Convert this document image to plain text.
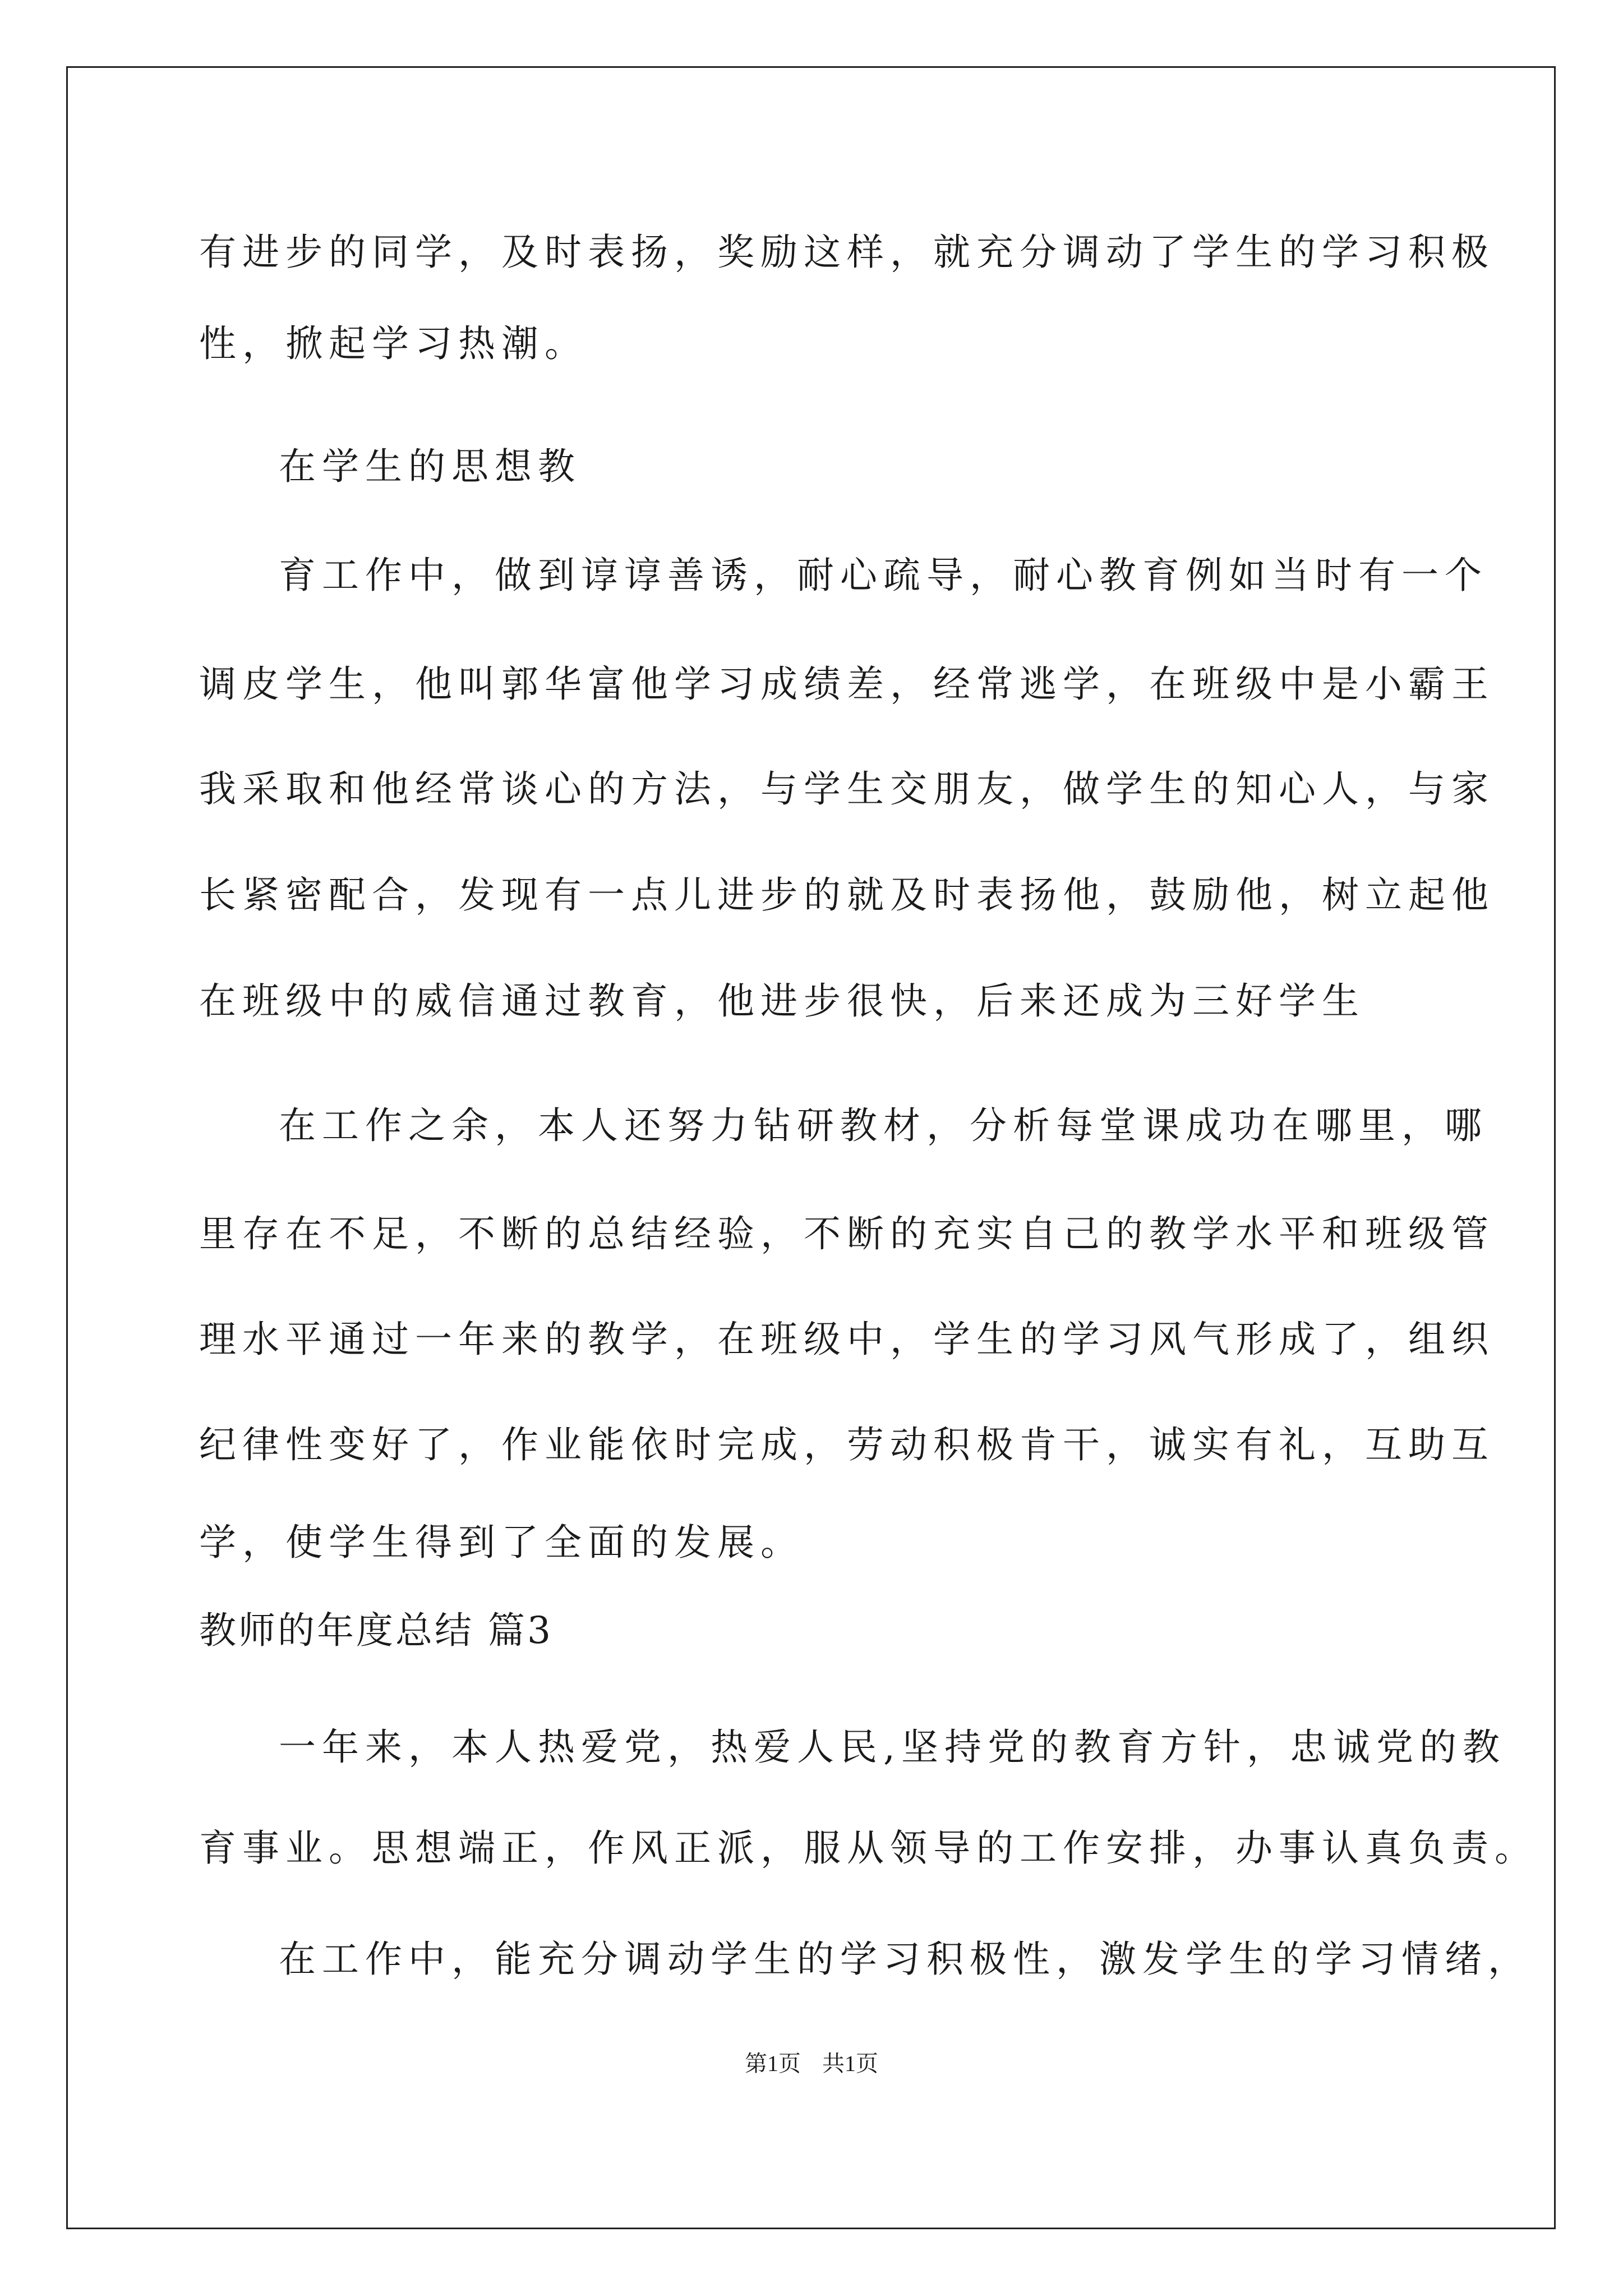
有进步的同学，及时表扬，奖励这样，就充分调动了学生的学习积极

性，掀起学习热潮。

在学生的思想教

育工作中，做到谆谆善诱，耐心疏导，耐心教育例如当时有一个

调皮学生，他叫郭华富他学习成绩差，经常逃学，在班级中是小霸王

我采取和他经常谈心的方法，与学生交朋友，做学生的知心人，与家

长紧密配合，发现有一点儿进步的就及时表扬他，鼓励他，树立起他

在班级中的威信通过教育，他进步很快，后来还成为三好学生

在工作之余，本人还努力钻研教材，分析每堂课成功在哪里，哪

里存在不足，不断的总结经验，不断的充实自己的教学水平和班级管

理水平通过一年来的教学，在班级中，学生的学习风气形成了，组织

纪律性变好了，作业能依时完成，劳动积极肯干，诚实有礼，互助互

学，使学生得到了全面的发展。

教师的年度总结 篇3

一年来，本人热爱党，热爱人民,坚持党的教育方针，忠诚党的教

育事业。思想端正，作风正派，服从领导的工作安排，办事认真负责。

在工作中，能充分调动学生的学习积极性，激发学生的学习情绪，

第1页 共1页
